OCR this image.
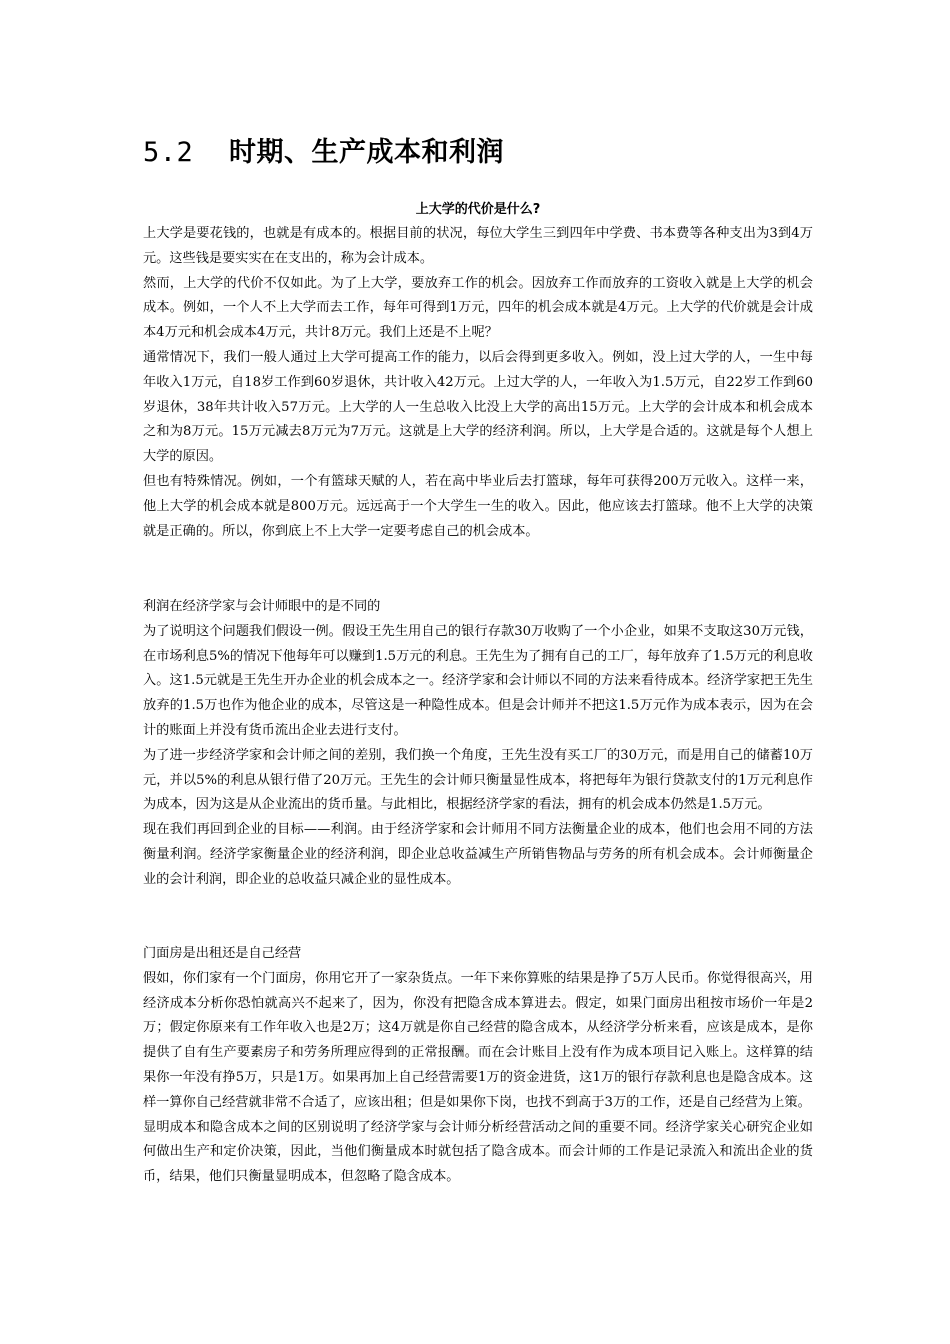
5.2 时期、生产成本和利润
上大学的代价是什么?

上大学是要花钱的，也就是有成本的。根据目前的状况，每位大学生三到四年中学费、书本费等各种支出为3到4万元。这些钱是要实实在在支出的，称为会计成本。

然而，上大学的代价不仅如此。为了上大学，要放弃工作的机会。因放弃工作而放弃的工资收入就是上大学的机会成本。例如，一个人不上大学而去工作，每年可得到1万元，四年的机会成本就是4万元。上大学的代价就是会计成本4万元和机会成本4万元，共计8万元。我们上还是不上呢？

通常情况下，我们一般人通过上大学可提高工作的能力，以后会得到更多收入。例如，没上过大学的人，一生中每年收入1万元，自18岁工作到60岁退休，共计收入42万元。上过大学的人，一年收入为1.5万元，自22岁工作到60岁退休，38年共计收入57万元。上大学的人一生总收入比没上大学的高出15万元。上大学的会计成本和机会成本之和为8万元。15万元减去8万元为7万元。这就是上大学的经济利润。所以，上大学是合适的。这就是每个人想上大学的原因。

但也有特殊情况。例如，一个有篮球天赋的人，若在高中毕业后去打篮球，每年可获得200万元收入。这样一来，他上大学的机会成本就是800万元。远远高于一个大学生一生的收入。因此，他应该去打篮球。他不上大学的决策就是正确的。所以，你到底上不上大学一定要考虑自己的机会成本。

利润在经济学家与会计师眼中的是不同的

为了说明这个问题我们假设一例。假设王先生用自己的银行存款30万收购了一个小企业，如果不支取这30万元钱，在市场利息5%的情况下他每年可以赚到1.5万元的利息。王先生为了拥有自己的工厂，每年放弃了1.5万元的利息收入。这1.5元就是王先生开办企业的机会成本之一。经济学家和会计师以不同的方法来看待成本。经济学家把王先生放弃的1.5万也作为他企业的成本，尽管这是一种隐性成本。但是会计师并不把这1.5万元作为成本表示，因为在会计的账面上并没有货币流出企业去进行支付。

为了进一步经济学家和会计师之间的差别，我们换一个角度，王先生没有买工厂的30万元，而是用自己的储蓄10万元，并以5%的利息从银行借了20万元。王先生的会计师只衡量显性成本，将把每年为银行贷款支付的1万元利息作为成本，因为这是从企业流出的货币量。与此相比，根据经济学家的看法，拥有的机会成本仍然是1.5万元。

现在我们再回到企业的目标——利润。由于经济学家和会计师用不同方法衡量企业的成本，他们也会用不同的方法衡量利润。经济学家衡量企业的经济利润，即企业总收益减生产所销售物品与劳务的所有机会成本。会计师衡量企业的会计利润，即企业的总收益只减企业的显性成本。

门面房是出租还是自己经营

假如，你们家有一个门面房，你用它开了一家杂货点。一年下来你算账的结果是挣了5万人民币。你觉得很高兴，用经济成本分析你恐怕就高兴不起来了，因为，你没有把隐含成本算进去。假定，如果门面房出租按市场价一年是2万；假定你原来有工作年收入也是2万；这4万就是你自己经营的隐含成本，从经济学分析来看，应该是成本，是你提供了自有生产要素房子和劳务所理应得到的正常报酬。而在会计账目上没有作为成本项目记入账上。这样算的结果你一年没有挣5万，只是1万。如果再加上自己经营需要1万的资金进货，这1万的银行存款利息也是隐含成本。这样一算你自己经营就非常不合适了，应该出租；但是如果你下岗，也找不到高于3万的工作，还是自己经营为上策。

显明成本和隐含成本之间的区别说明了经济学家与会计师分析经营活动之间的重要不同。经济学家关心研究企业如何做出生产和定价决策，因此，当他们衡量成本时就包括了隐含成本。而会计师的工作是记录流入和流出企业的货币，结果，他们只衡量显明成本，但忽略了隐含成本。
